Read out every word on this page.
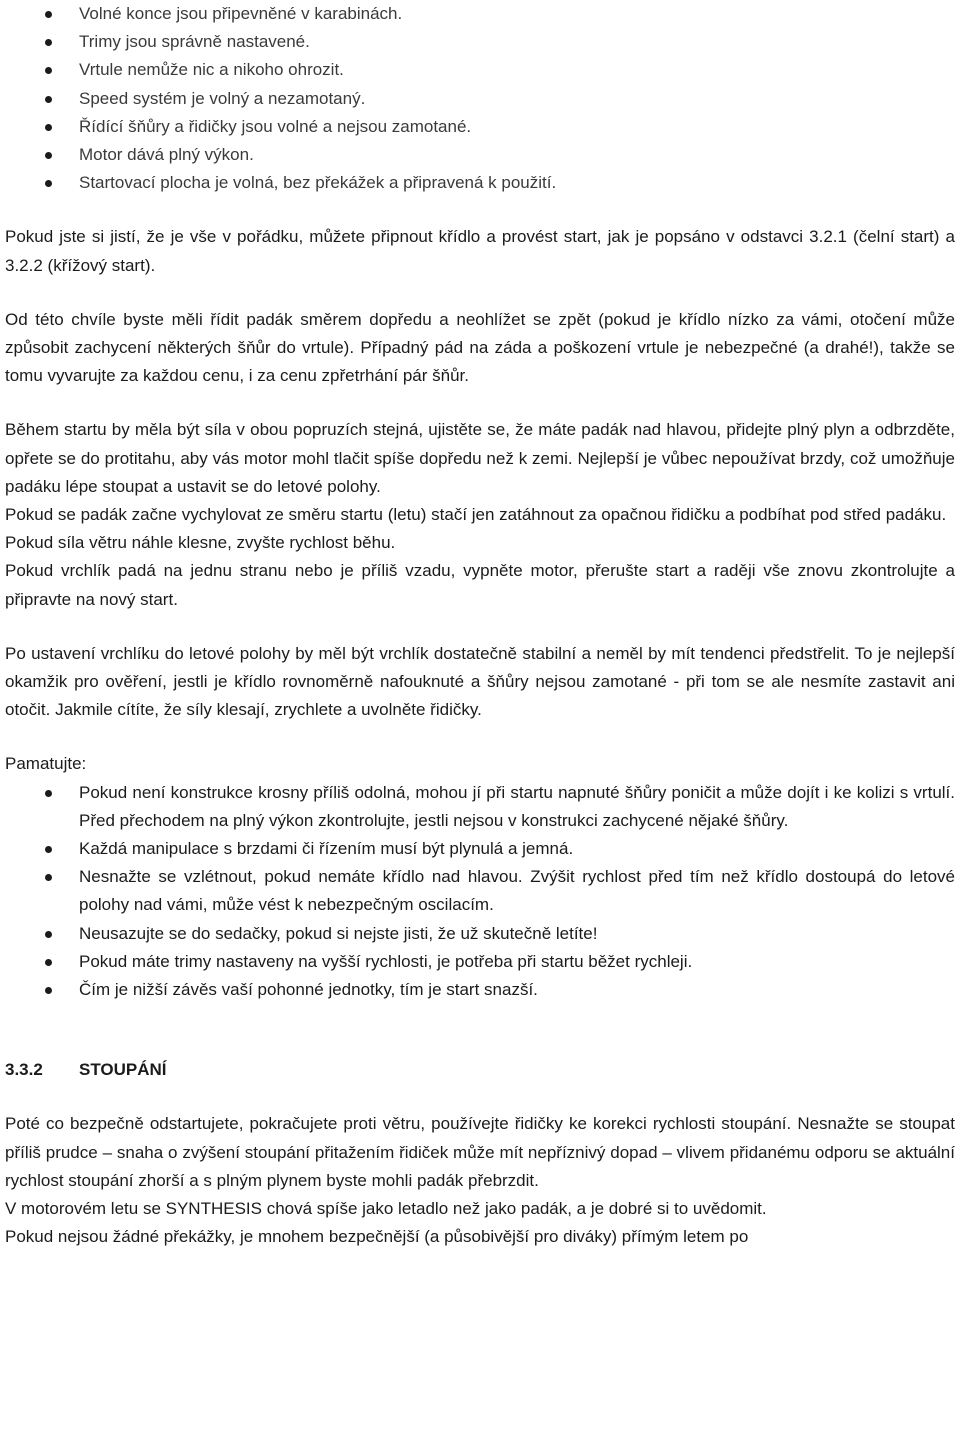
Volné konce jsou připevněné v karabinách.
Trimy jsou správně nastavené.
Vrtule nemůže nic a nikoho ohrozit.
Speed systém je volný a nezamotaný.
Řídící šňůry a řidičky jsou volné a nejsou zamotané.
Motor dává plný výkon.
Startovací plocha je volná, bez překážek a připravená k použití.

Pokud jste si jistí, že je vše v pořádku, můžete připnout křídlo a provést start, jak je popsáno v odstavci 3.2.1 (čelní start) a 3.2.2 (křížový start).

Od této chvíle byste měli řídit padák směrem dopředu a neohlížet se zpět (pokud je křídlo nízko za vámi, otočení může způsobit zachycení některých šňůr do vrtule). Případný pád na záda a poškození vrtule je nebezpečné (a drahé!), takže se tomu vyvarujte za každou cenu, i za cenu zpřetrhání pár šňůr.

Během startu by měla být síla v obou popruzích stejná, ujistěte se, že máte padák nad hlavou, přidejte plný plyn a odbrzděte, opřete se do protitahu, aby vás motor mohl tlačit spíše dopředu než k zemi. Nejlepší je vůbec nepoužívat brzdy, což umožňuje padáku lépe stoupat a ustavit se do letové polohy.

Pokud se padák začne vychylovat ze směru startu (letu) stačí jen zatáhnout za opačnou řidičku a podbíhat pod střed padáku.

Pokud síla větru náhle klesne, zvyšte rychlost běhu.

Pokud vrchlík padá na jednu stranu nebo je příliš vzadu, vypněte motor, přerušte start a raději vše znovu zkontrolujte a připravte na nový start.

Po ustavení vrchlíku do letové polohy by měl být vrchlík dostatečně stabilní a neměl by mít tendenci předstřelit. To je nejlepší okamžik pro ověření, jestli je křídlo rovnoměrně nafouknuté a šňůry nejsou zamotané - při tom se ale nesmíte zastavit ani otočit. Jakmile cítíte, že síly klesají, zrychlete a uvolněte řidičky.

Pamatujte:

Pokud není konstrukce krosny příliš odolná, mohou jí při startu napnuté šňůry poničit a může dojít i ke kolizi s vrtulí. Před přechodem na plný výkon zkontrolujte, jestli nejsou v konstrukci zachycené nějaké šňůry.
Každá manipulace s brzdami či řízením musí být plynulá a jemná.
Nesnažte se vzlétnout, pokud nemáte křídlo nad hlavou. Zvýšit rychlost před tím než křídlo dostoupá do letové polohy nad vámi, může vést k nebezpečným oscilacím.
Neusazujte se do sedačky, pokud si nejste jisti, že už skutečně letíte!
Pokud máte trimy nastaveny na vyšší rychlosti, je potřeba při startu běžet rychleji.
Čím je nižší závěs vaší pohonné jednotky, tím je start snazší.
3.3.2 STOUPÁNÍ

Poté co bezpečně odstartujete, pokračujete proti větru, používejte řidičky ke korekci rychlosti stoupání. Nesnažte se stoupat příliš prudce – snaha o zvýšení stoupání přitažením řidiček může mít nepříznivý dopad – vlivem přidanému odporu se aktuální rychlost stoupání zhorší a s plným plynem byste mohli padák přebrzdit.

V motorovém letu se SYNTHESIS chová spíše jako letadlo než jako padák, a je dobré si to uvědomit.

Pokud nejsou žádné překážky, je mnohem bezpečnější (a působivější pro diváky) přímým letem po
